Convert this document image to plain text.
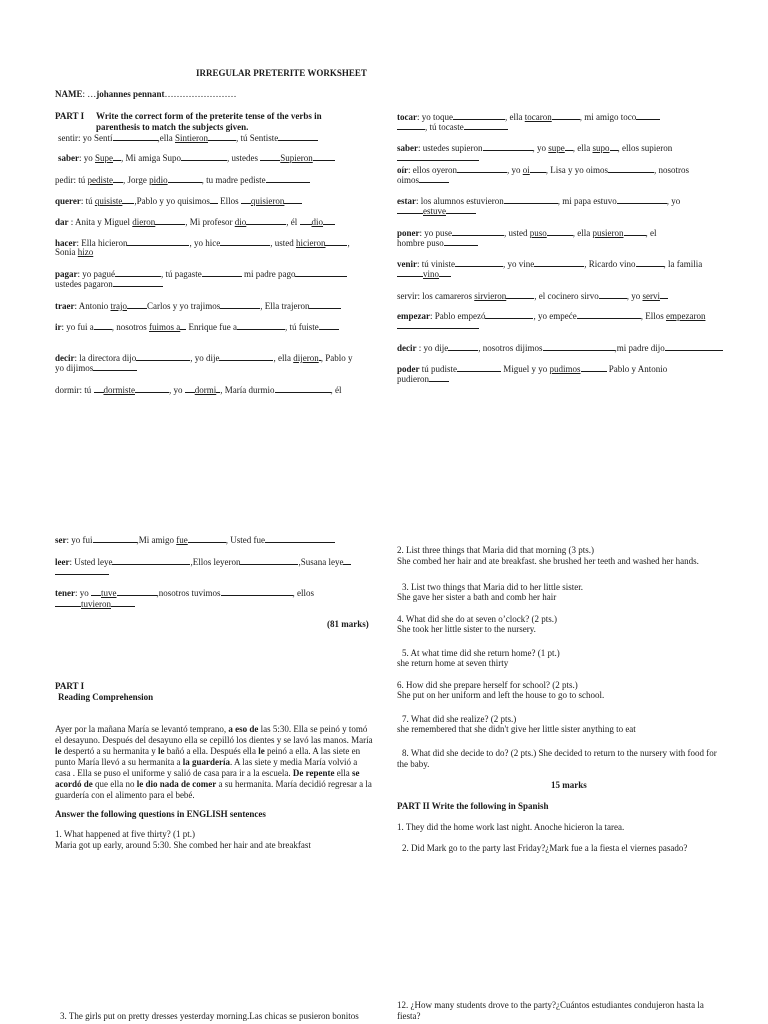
IRREGULAR PRETERITE WORKSHEET
NAME: …johannes pennant……………………
PART I Write the correct form of the preterite tense of the verbs in parenthesis to match the subjects given.
sentir: yo Sentí	,ella Sintieron	, tú Sentiste
saber: yo Supe , Mi amiga Supo	, ustedes Supieron
pedir: tú pediste , Jorge pidio	, tu madre pediste
querer: tú quisiste ,Pablo y yo quisimos Ellos quisieron
dar : Anita y Miguel dieron	, Mi profesor dio	, él dio
hacer: Ella hicieron	, yo hice	, usted hicieron ,
Sonia hizo
pagar: yo pagué	, tú pagaste	mi padre pago
ustedes pagaron
traer: Antonio trajo Carlos y yo trajimos	, Ella trajeron
ir: yo fui a , nosotros fuimos a Enrique fue a	, tú fuiste
decir: la directora dijo	, yo dije	, ella dijeron , Pablo y
yo dijimos
dormir: tú dormiste	, yo dormi , María durmio	, él
tocar: yo toque	, ella tocaron	, mi amigo toco
, tú tocaste
saber: ustedes supieron	, yo supe , ella supo , ellos supieron
oír: ellos oyeron	, yo oi , Lisa y yo oimos	, nosotros
oimos
estar: los alumnos estuvieron	, mi papa estuvo	, yo
estuve
poner: yo puse	, usted puso	, ella pusieron , el
hombre puso
venir: tú viniste	, yo vine	, Ricardo vino	, la familia
vino
servir: los camareros sirvieron	, el cocinero sirvo	, yo servi
empezar: Pablo empezó	, yo empeće	, Ellos empezaron
decir : yo dije	, nosotros dijimos	,mi padre dijo
poder tú pudiste	Miguel y yo pudimos	Pablo y Antonio
pudieron
ser: yo fui	,Mi amigo fue	, Usted fue
leer: Usted leye	,Ellos leyeron	,Susana leye
tener: yo tuve	,nosotros tuvimos	, ellos
tuvieron
(81 marks)
PART I
Reading Comprehension
Ayer por la mañana María se levantó temprano, a eso de las 5:30. Ella se peinó y tomó el desayuno. Después del desayuno ella se cepilló los dientes y se lavó las manos. María le despertó a su hermanita y le bañó a ella. Después ella le peinó a ella. A las siete en punto María llevó a su hermanita a la guardería. A las siete y media María volvió a casa . Ella se puso el uniforme y salió de casa para ir a la escuela. De repente ella se acordó de que ella no le dio nada de comer a su hermanita. María decidió regresar a la guardería con el alimento para el bebé.
Answer the following questions in ENGLISH sentences
1. What happened at five thirty? (1 pt.)
Maria got up early, around 5:30. She combed her hair and ate breakfast
3. The girls put on pretty dresses yesterday morning.Las chicas se pusieron bonitos
2. List three things that Maria did that morning (3 pts.)
She combed her hair and ate breakfast. she brushed her teeth and washed her hands.
3. List two things that Maria did to her little sister.
She gave her sister a bath and comb her hair
4. What did she do at seven o’clock? (2 pts.)
She took her little sister to the nursery.
5. At what time did she return home? (1 pt.)
she return home at seven thirty
6. How did she prepare herself for school? (2 pts.)
She put on her uniform and left the house to go to school.
7. What did she realize? (2 pts.)
she remembered that she didn't give her little sister anything to eat
8. What did she decide to do? (2 pts.) She decided to return to the nursery with food for the baby.
15 marks
PART II Write the following in Spanish
1. They did the home work last night. Anoche hicieron la tarea.
2. Did Mark go to the party last Friday?¿Mark fue a la fiesta el viernes pasado?
12. ¿How many students drove to the party?¿Cuántos estudiantes condujeron hasta la fiesta?
